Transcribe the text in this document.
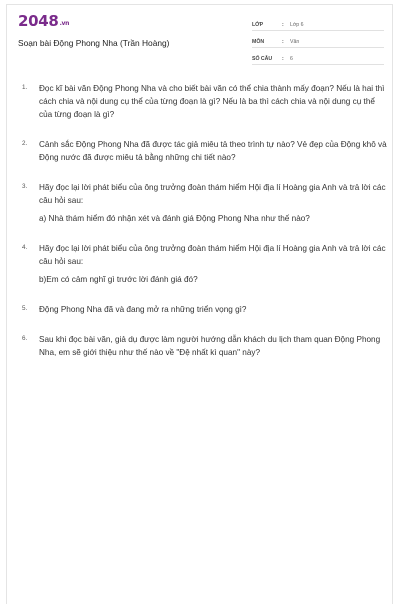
2048.vn
Soạn bài Động Phong Nha (Trần Hoàng)
LỚP	:	Lớp 6
MÔN	:	Văn
SỐ CÂU	:	6
1.	Đọc kĩ bài văn Động Phong Nha và cho biết bài văn có thể chia thành mấy đoạn? Nếu là hai thì cách chia và nội dung cụ thể của từng đoạn là gì? Nếu là ba thì cách chia và nội dung cụ thể của từng đoạn là gì?
2.	Cảnh sắc Động Phong Nha đã được tác giả miêu tả theo trình tự nào? Vẻ đẹp của Động khô và Động nước đã được miêu tả bằng những chi tiết nào?
3.	Hãy đọc lại lời phát biểu của ông trưởng đoàn thám hiểm Hội địa lí Hoàng gia Anh và trả lời các câu hỏi sau:
a) Nhà thám hiểm đó nhận xét và đánh giá Động Phong Nha như thế nào?
4.	Hãy đọc lại lời phát biểu của ông trưởng đoàn thám hiểm Hội địa lí Hoàng gia Anh và trả lời các câu hỏi sau:
b)Em có cảm nghĩ gì trước lời đánh giá đó?
5.	Động Phong Nha đã và đang mở ra những triển vọng gì?
6.	Sau khi đọc bài văn, giả dụ được làm người hướng dẫn khách du lịch tham quan Động Phong Nha, em sẽ giới thiệu như thế nào về "Đệ nhất kì quan" này?
